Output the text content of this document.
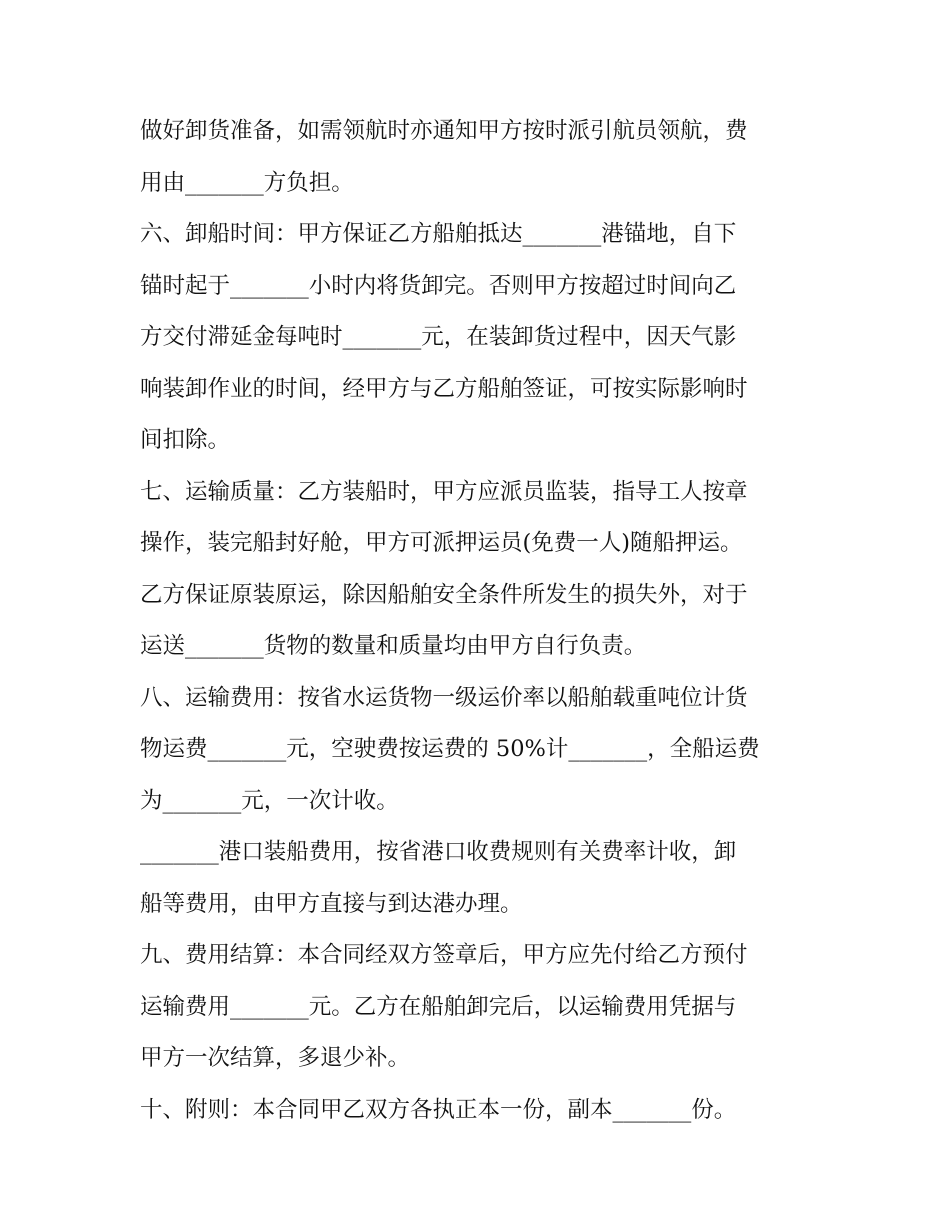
做好卸货准备，如需领航时亦通知甲方按时派引航员领航，费
用由_______方负担。
六、卸船时间：甲方保证乙方船舶抵达_______港锚地，自下
锚时起于_______小时内将货卸完。否则甲方按超过时间向乙
方交付滞延金每吨时_______元，在装卸货过程中，因天气影
响装卸作业的时间，经甲方与乙方船舶签证，可按实际影响时
间扣除。
七、运输质量：乙方装船时，甲方应派员监装，指导工人按章
操作，装完船封好舱，甲方可派押运员(免费一人)随船押运。
乙方保证原装原运，除因船舶安全条件所发生的损失外，对于
运送_______货物的数量和质量均由甲方自行负责。
八、运输费用：按省水运货物一级运价率以船舶载重吨位计货
物运费_______元，空驶费按运费的 50%计_______，全船运费
为_______元，一次计收。
_______港口装船费用，按省港口收费规则有关费率计收，卸
船等费用，由甲方直接与到达港办理。
九、费用结算：本合同经双方签章后，甲方应先付给乙方预付
运输费用_______元。乙方在船舶卸完后，以运输费用凭据与
甲方一次结算，多退少补。
十、附则：本合同甲乙双方各执正本一份，副本_______份。
